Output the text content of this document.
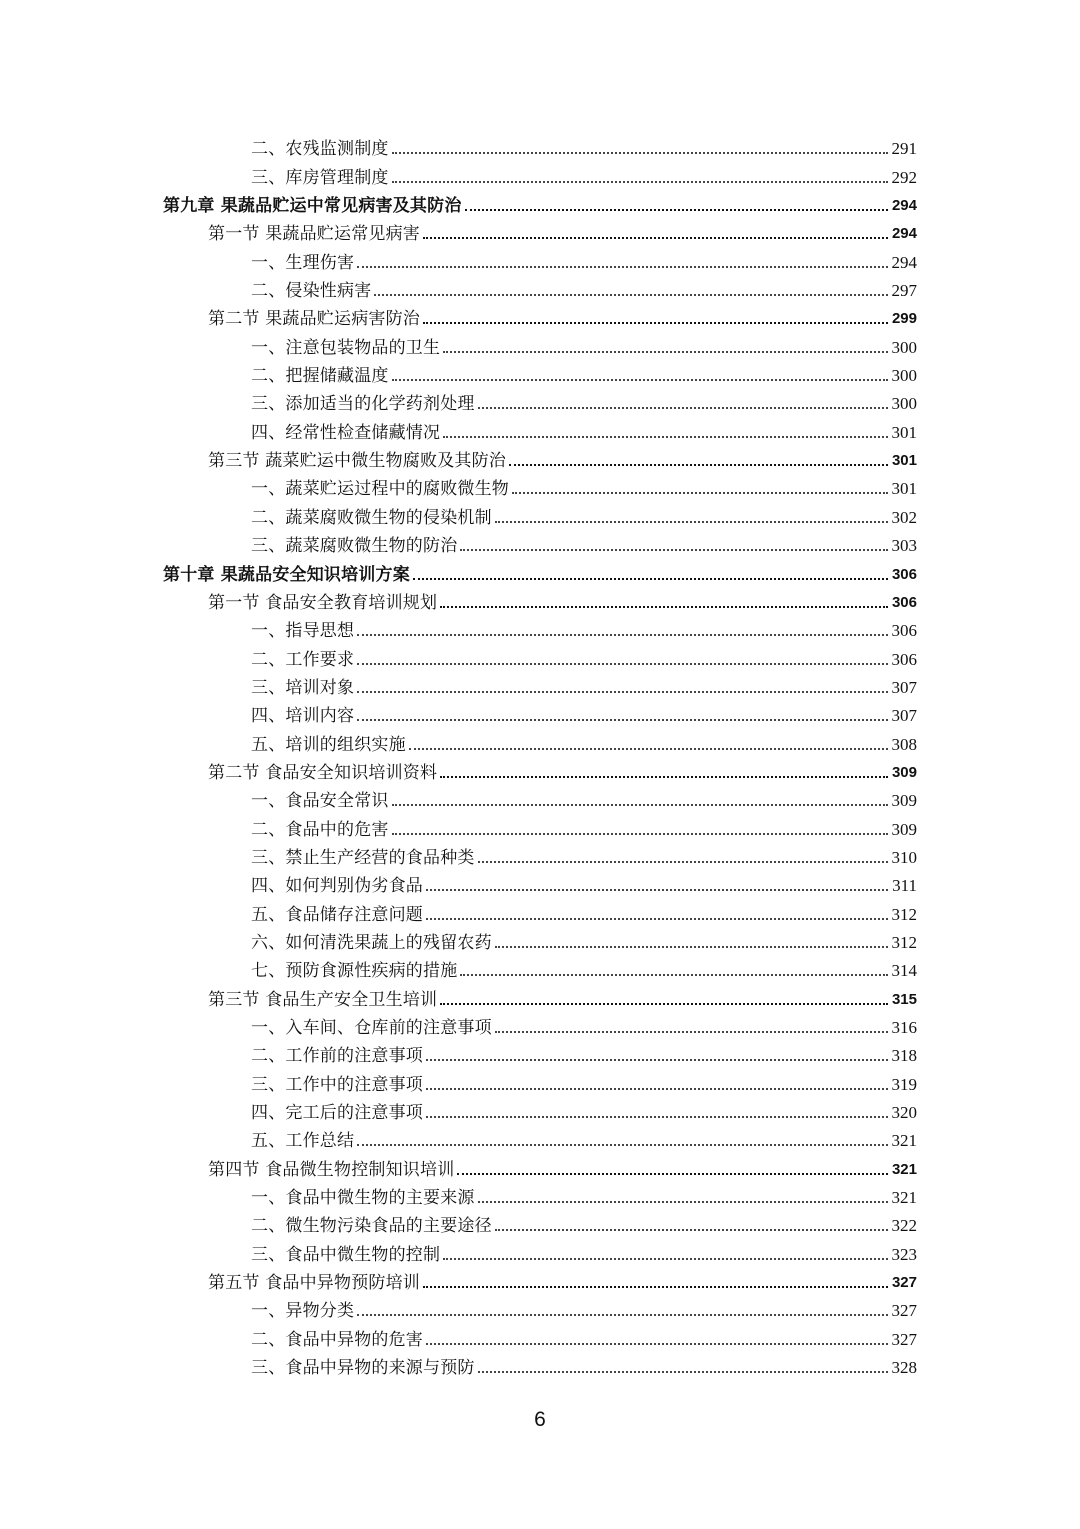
二、农残监测制度	291
三、库房管理制度	292
第九章 果蔬品贮运中常见病害及其防治	294
第一节 果蔬品贮运常见病害	294
一、生理伤害	294
二、侵染性病害	297
第二节 果蔬品贮运病害防治	299
一、注意包装物品的卫生	300
二、把握储藏温度	300
三、添加适当的化学药剂处理	300
四、经常性检查储藏情况	301
第三节 蔬菜贮运中微生物腐败及其防治	301
一、蔬菜贮运过程中的腐败微生物	301
二、蔬菜腐败微生物的侵染机制	302
三、蔬菜腐败微生物的防治	303
第十章 果蔬品安全知识培训方案	306
第一节 食品安全教育培训规划	306
一、指导思想	306
二、工作要求	306
三、培训对象	307
四、培训内容	307
五、培训的组织实施	308
第二节 食品安全知识培训资料	309
一、食品安全常识	309
二、食品中的危害	309
三、禁止生产经营的食品种类	310
四、如何判别伪劣食品	311
五、食品储存注意问题	312
六、如何清洗果蔬上的残留农药	312
七、预防食源性疾病的措施	314
第三节 食品生产安全卫生培训	315
一、入车间、仓库前的注意事项	316
二、工作前的注意事项	318
三、工作中的注意事项	319
四、完工后的注意事项	320
五、工作总结	321
第四节 食品微生物控制知识培训	321
一、食品中微生物的主要来源	321
二、微生物污染食品的主要途径	322
三、食品中微生物的控制	323
第五节 食品中异物预防培训	327
一、异物分类	327
二、食品中异物的危害	327
三、食品中异物的来源与预防	328
6
